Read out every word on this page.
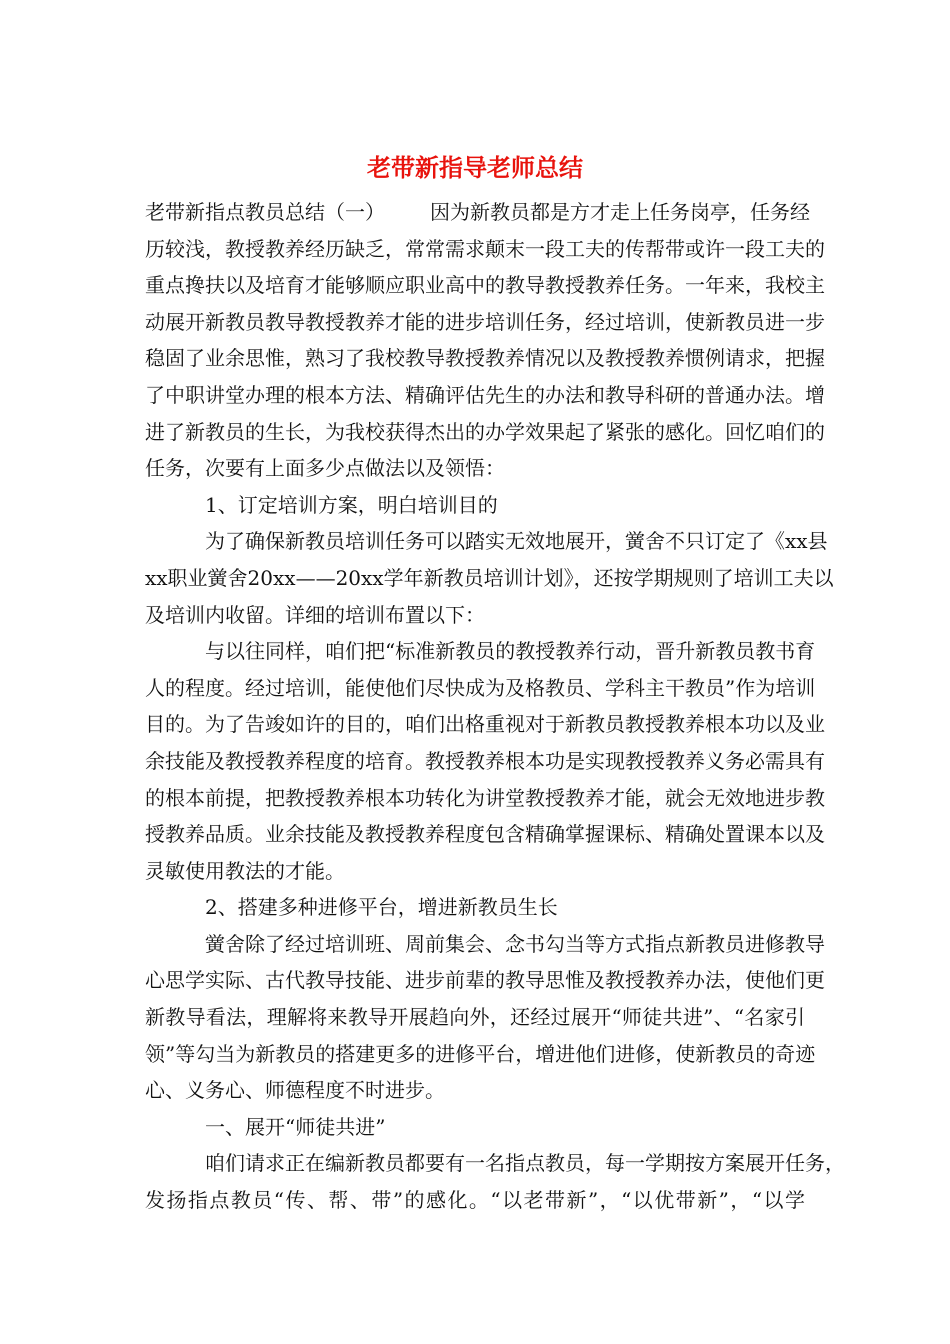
老带新指导老师总结
老带新指点教员总结（一） 因为新教员都是方才走上任务岗亭，任务经
历较浅，教授教养经历缺乏，常常需求颠末一段工夫的传帮带或许一段工夫的
重点搀扶以及培育才能够顺应职业高中的教导教授教养任务。一年来，我校主
动展开新教员教导教授教养才能的进步培训任务，经过培训，使新教员进一步
稳固了业余思惟，熟习了我校教导教授教养情况以及教授教养惯例请求，把握
了中职讲堂办理的根本方法、精确评估先生的办法和教导科研的普通办法。增
进了新教员的生长，为我校获得杰出的办学效果起了紧张的感化。回忆咱们的
任务，次要有上面多少点做法以及领悟：
1、订定培训方案，明白培训目的
为了确保新教员培训任务可以踏实无效地展开，黉舍不只订定了《xx县
xx职业黉舍20xx——20xx学年新教员培训计划》，还按学期规则了培训工夫以
及培训内收留。详细的培训布置以下：
与以往同样，咱们把“标准新教员的教授教养行动，晋升新教员教书育
人的程度。经过培训，能使他们尽快成为及格教员、学科主干教员”作为培训
目的。为了告竣如许的目的，咱们出格重视对于新教员教授教养根本功以及业
余技能及教授教养程度的培育。教授教养根本功是实现教授教养义务必需具有
的根本前提，把教授教养根本功转化为讲堂教授教养才能，就会无效地进步教
授教养品质。业余技能及教授教养程度包含精确掌握课标、精确处置课本以及
灵敏使用教法的才能。
2、搭建多种进修平台，增进新教员生长
黉舍除了经过培训班、周前集会、念书勾当等方式指点新教员进修教导
心思学实际、古代教导技能、进步前辈的教导思惟及教授教养办法，使他们更
新教导看法，理解将来教导开展趋向外，还经过展开“师徒共进”、“名家引
领”等勾当为新教员的搭建更多的进修平台，增进他们进修，使新教员的奇迹
心、义务心、师德程度不时进步。
一、展开“师徒共进”
咱们请求正在编新教员都要有一名指点教员，每一学期按方案展开任务，
发扬指点教员“传、帮、带”的感化。“以老带新”，“以优带新”，“以学
